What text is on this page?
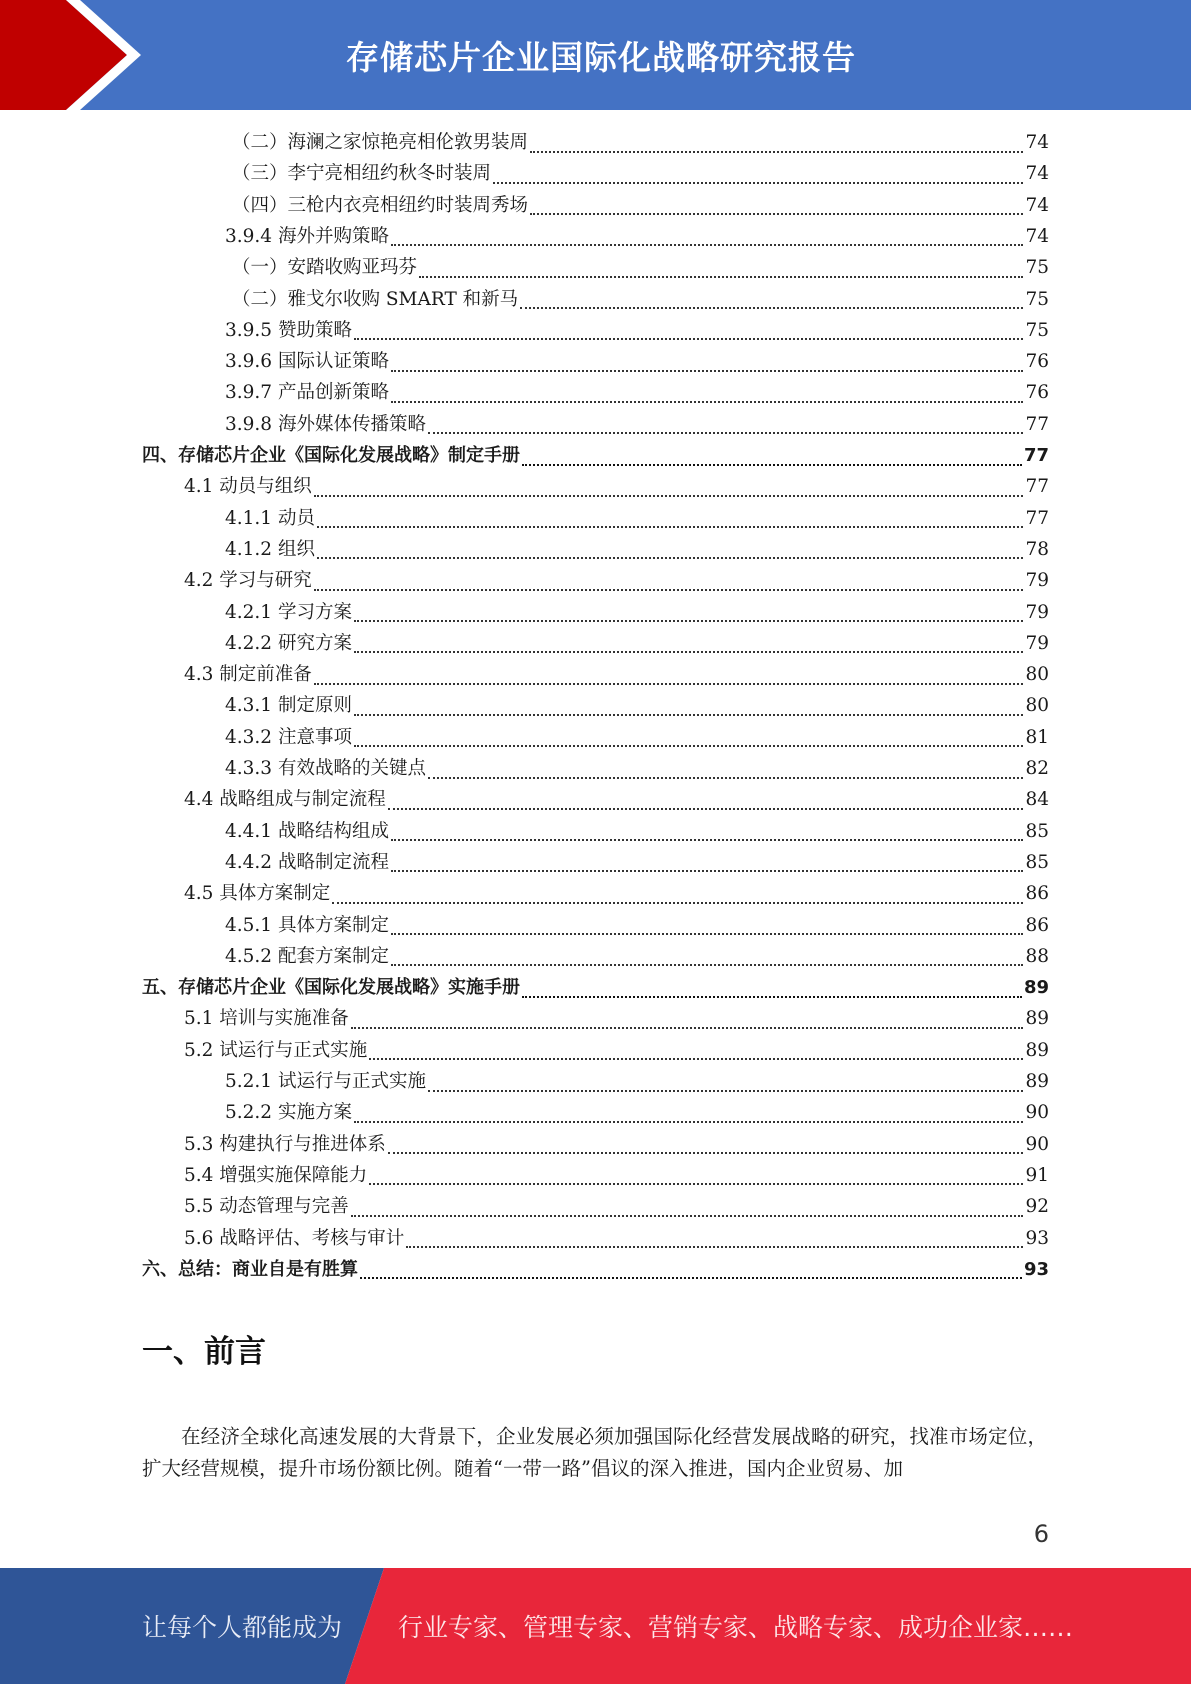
存储芯片企业国际化战略研究报告
（二）海澜之家惊艳亮相伦敦男装周	74
（三）李宁亮相纽约秋冬时装周	74
（四）三枪内衣亮相纽约时装周秀场	74
3.9.4 海外并购策略	74
（一）安踏收购亚玛芬	75
（二）雅戈尔收购 SMART 和新马	75
3.9.5 赞助策略	75
3.9.6 国际认证策略	76
3.9.7 产品创新策略	76
3.9.8 海外媒体传播策略	77
四、存储芯片企业《国际化发展战略》制定手册	77
4.1 动员与组织	77
4.1.1 动员	77
4.1.2 组织	78
4.2 学习与研究	79
4.2.1 学习方案	79
4.2.2 研究方案	79
4.3 制定前准备	80
4.3.1 制定原则	80
4.3.2 注意事项	81
4.3.3 有效战略的关键点	82
4.4 战略组成与制定流程	84
4.4.1 战略结构组成	85
4.4.2 战略制定流程	85
4.5 具体方案制定	86
4.5.1 具体方案制定	86
4.5.2 配套方案制定	88
五、存储芯片企业《国际化发展战略》实施手册	89
5.1 培训与实施准备	89
5.2 试运行与正式实施	89
5.2.1 试运行与正式实施	89
5.2.2 实施方案	90
5.3 构建执行与推进体系	90
5.4 增强实施保障能力	91
5.5 动态管理与完善	92
5.6 战略评估、考核与审计	93
六、总结：商业自是有胜算	93
一、前言

在经济全球化高速发展的大背景下，企业发展必须加强国际化经营发展战略的研究，找准市场定位，扩大经营规模，提升市场份额比例。随着“一带一路”倡议的深入推进，国内企业贸易、加

6
让每个人都能成为 行业专家、管理专家、营销专家、战略专家、成功企业家……
